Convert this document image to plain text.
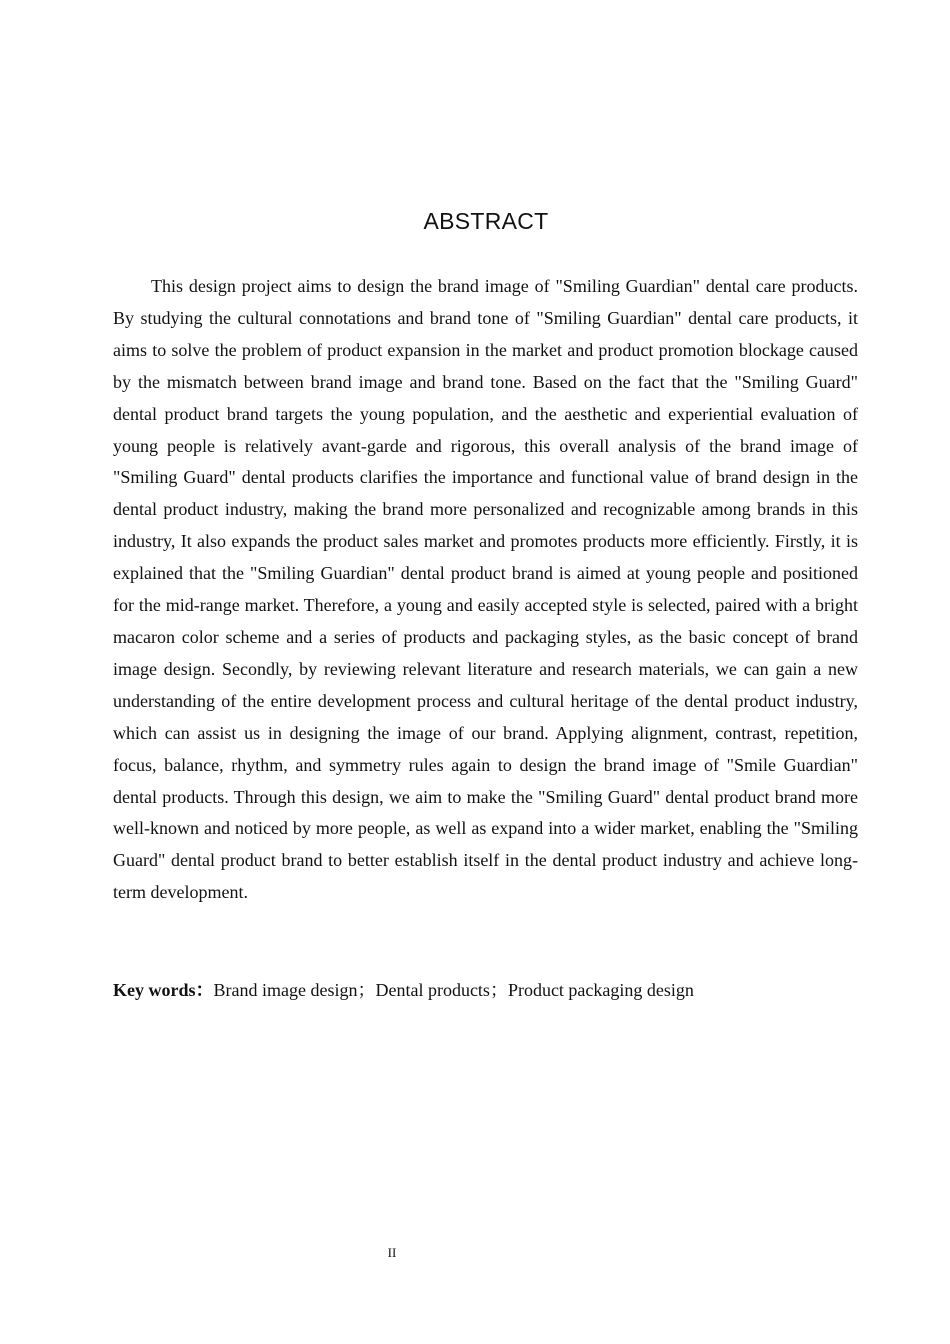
ABSTRACT

This design project aims to design the brand image of "Smiling Guardian" dental care products. By studying the cultural connotations and brand tone of "Smiling Guardian" dental care products, it aims to solve the problem of product expansion in the market and product promotion blockage caused by the mismatch between brand image and brand tone. Based on the fact that the "Smiling Guard" dental product brand targets the young population, and the aesthetic and experiential evaluation of young people is relatively avant-garde and rigorous, this overall analysis of the brand image of "Smiling Guard" dental products clarifies the importance and functional value of brand design in the dental product industry, making the brand more personalized and recognizable among brands in this industry, It also expands the product sales market and promotes products more efficiently. Firstly, it is explained that the "Smiling Guardian" dental product brand is aimed at young people and positioned for the mid-range market. Therefore, a young and easily accepted style is selected, paired with a bright macaron color scheme and a series of products and packaging styles, as the basic concept of brand image design. Secondly, by reviewing relevant literature and research materials, we can gain a new understanding of the entire development process and cultural heritage of the dental product industry, which can assist us in designing the image of our brand. Applying alignment, contrast, repetition, focus, balance, rhythm, and symmetry rules again to design the brand image of "Smile Guardian" dental products. Through this design, we aim to make the "Smiling Guard" dental product brand more well-known and noticed by more people, as well as expand into a wider market, enabling the "Smiling Guard" dental product brand to better establish itself in the dental product industry and achieve long-term development.

Key words：Brand image design；Dental products；Product packaging design

II
